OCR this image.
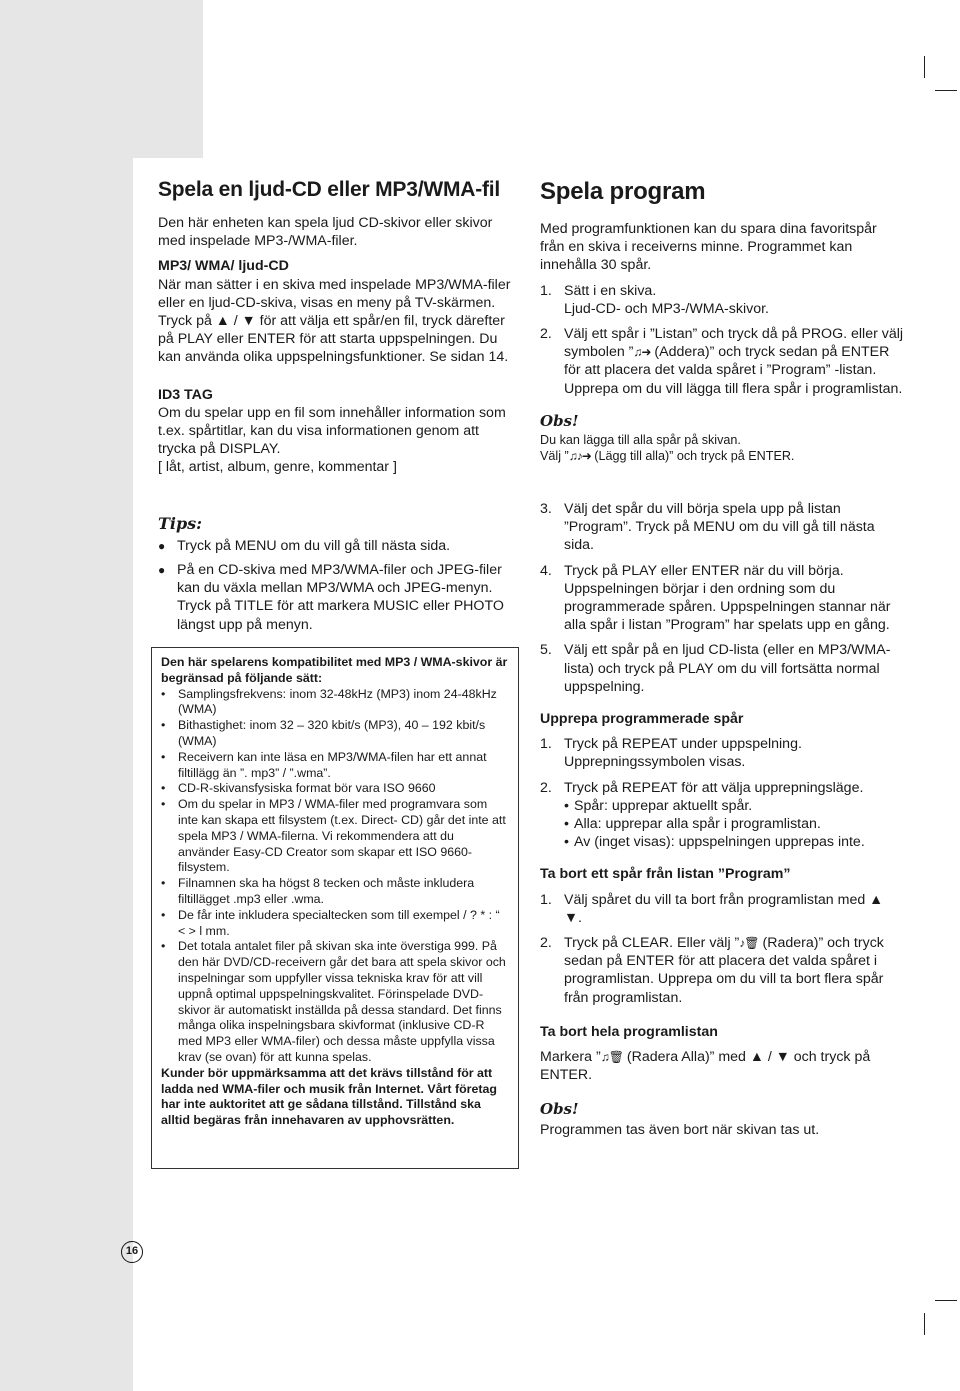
Spela en ljud-CD eller MP3/WMA-fil

Den här enheten kan spela ljud CD-skivor eller skivor med inspelade MP3-/WMA-filer.

MP3/ WMA/ ljud-CD

När man sätter i en skiva med inspelade MP3/WMA-filer eller en ljud-CD-skiva, visas en meny på TV-skärmen. Tryck på ▲ / ▼ för att välja ett spår/en fil, tryck därefter på PLAY eller ENTER för att starta uppspelningen. Du kan använda olika uppspelningsfunktioner. Se sidan 14.

ID3 TAG

Om du spelar upp en fil som innehåller information som t.ex. spårtitlar, kan du visa informationen genom att trycka på DISPLAY.

[ låt, artist, album, genre, kommentar ]

Tips:

● Tryck på MENU om du vill gå till nästa sida.
● På en CD-skiva med MP3/WMA-filer och JPEG-filer kan du växla mellan MP3/WMA och JPEG-menyn. Tryck på TITLE för att markera MUSIC eller PHOTO längst upp på menyn.

Den här spelarens kompatibilitet med MP3 / WMA-skivor är begränsad på följande sätt:

•	Samplingsfrekvens: inom 32-48kHz (MP3) inom 24-48kHz (WMA)
•	Bithastighet: inom 32 – 320 kbit/s (MP3), 40 – 192 kbit/s (WMA)
•	Receivern kan inte läsa en MP3/WMA-filen har ett annat filtillägg än ”. mp3” / ”.wma”.
•	CD-R-skivansfysiska format bör vara ISO 9660
•	Om du spelar in MP3 / WMA-filer med programvara som inte kan skapa ett filsystem (t.ex. Direct- CD) går det inte att spela MP3 / WMA-filerna. Vi rekommendera att du använder Easy-CD Creator som skapar ett ISO 9660-filsystem.
•	Filnamnen ska ha högst 8 tecken och måste inkludera filtillägget .mp3 eller .wma.
•	De får inte inkludera specialtecken som till exempel / ? * : “ < > l mm.
•	Det totala antalet filer på skivan ska inte överstiga 999. På den här DVD/CD-receivern går det bara att spela skivor och inspelningar som uppfyller vissa tekniska krav för att vill uppnå optimal uppspelningskvalitet. Förinspelade DVD-skivor är automatiskt inställda på dessa standard. Det finns många olika inspelningsbara skivformat (inklusive CD-R med MP3 eller WMA-filer) och dessa måste uppfylla vissa krav (se ovan) för att kunna spelas.

Kunder bör uppmärksamma att det krävs tillstånd för att ladda ned WMA-filer och musik från Internet. Vårt företag har inte auktoritet att ge sådana tillstånd. Tillstånd ska alltid begäras från innehavaren av upphovsrätten.

Spela program

Med programfunktionen kan du spara dina favoritspår från en skiva i receiverns minne. Programmet kan innehålla 30 spår.

1. Sätt i en skiva.
Ljud-CD- och MP3-/WMA-skivor.
2. Välj ett spår i ”Listan” och tryck då på PROG. eller välj symbolen ”♫➜ (Addera)” och tryck sedan på ENTER för att placera det valda spåret i ”Program” -listan. Upprepa om du vill lägga till flera spår i programlistan.

Obs!

Du kan lägga till alla spår på skivan.

Välj ”♫♪➜ (Lägg till alla)” och tryck på ENTER.

3. Välj det spår du vill börja spela upp på listan ”Program”. Tryck på MENU om du vill gå till nästa sida.
4. Tryck på PLAY eller ENTER när du vill börja. Uppspelningen börjar i den ordning som du programmerade spåren. Uppspelningen stannar när alla spår i listan ”Program” har spelats upp en gång.
5. Välj ett spår på en ljud CD-lista (eller en MP3/WMA-lista) och tryck på PLAY om du vill fortsätta normal uppspelning.

Upprepa programmerade spår

1. Tryck på REPEAT under uppspelning. Upprepningssymbolen visas.
2. Tryck på REPEAT för att välja upprepningsläge.
• Spår: upprepar aktuellt spår.
• Alla: upprepar alla spår i programlistan.
• Av (inget visas): uppspelningen upprepas inte.

Ta bort ett spår från listan ”Program”

1. Välj spåret du vill ta bort från programlistan med ▲ ▼.
2. Tryck på CLEAR. Eller välj ”♪🗑 (Radera)” och tryck sedan på ENTER för att placera det valda spåret i programlistan. Upprepa om du vill ta bort flera spår från programlistan.

Ta bort hela programlistan

Markera ”♫🗑 (Radera Alla)” med ▲ / ▼ och tryck på ENTER.

Obs!

Programmen tas även bort när skivan tas ut.

16
